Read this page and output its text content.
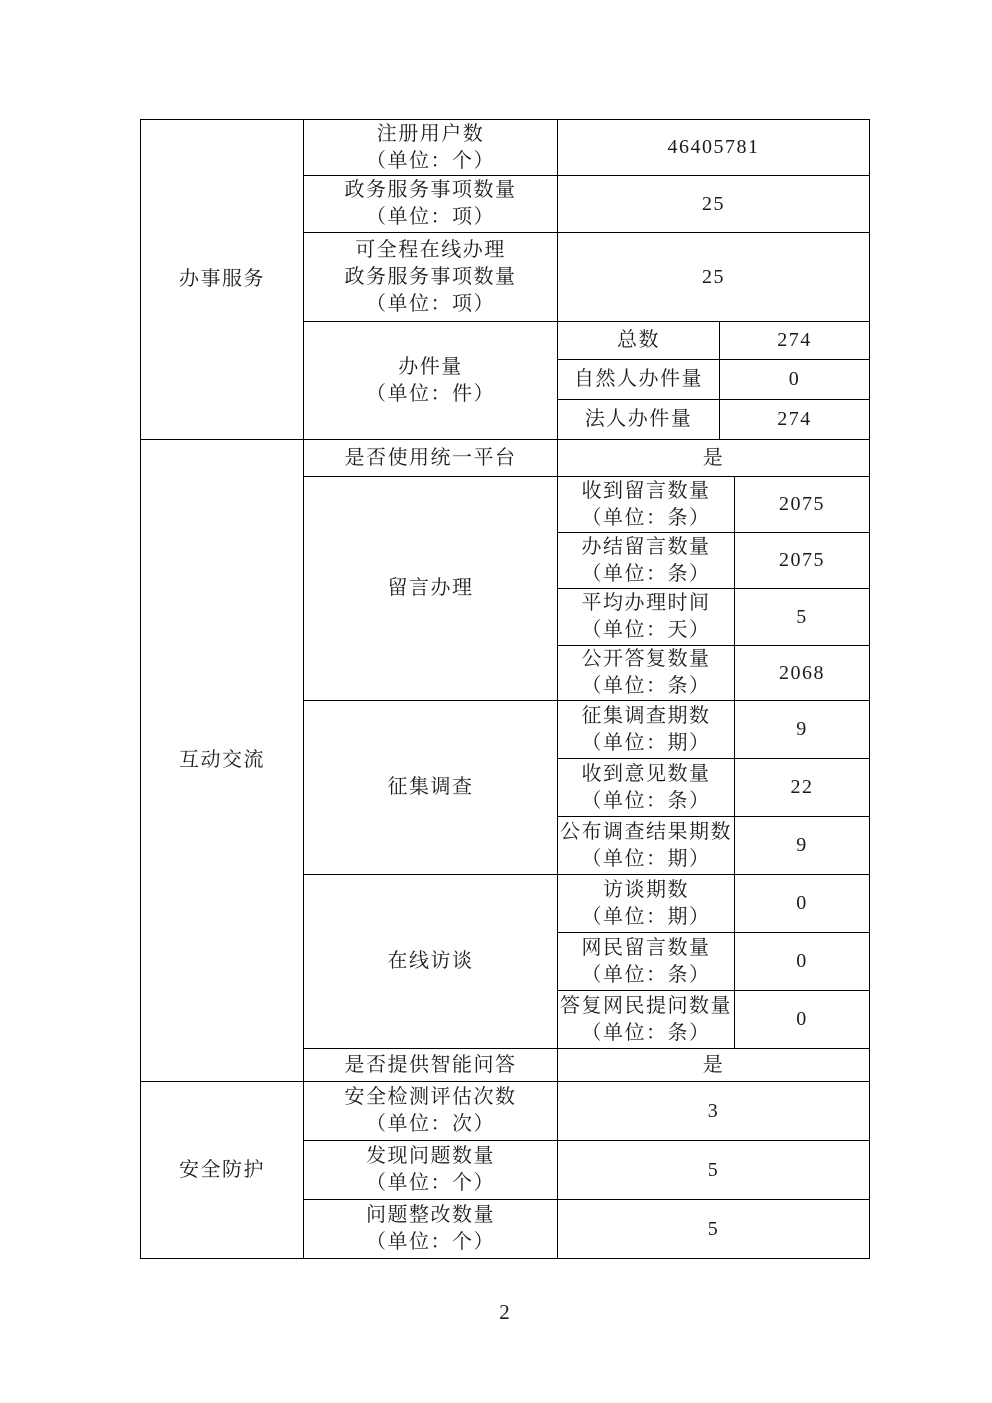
办事服务	注册用户数
（单位：个）	46405781		

	政务服务事项数量
（单位：项）	25		

	可全程在线办理
政务服务事项数量
（单位：项）	25		

	办件量
（单位：件）	总数	274	
		自然人办件量	0	
		法人办件量	274	

互动交流	是否使用统一平台	是		
	留言办理	收到留言数量
（单位：条）		2075

		办结留言数量
（单位：条）		2075

		平均办理时间
（单位：天）		5

		公开答复数量
（单位：条）		2068
	征集调查	征集调查期数
（单位：期）		9

		收到意见数量
（单位：条）		22

		公布调查结果期数
（单位：期）		9
	在线访谈	访谈期数
（单位：期）		0

		网民留言数量
（单位：条）		0

		答复网民提问数量
（单位：条）		0
	是否提供智能问答	是		

安全防护	安全检测评估次数
（单位：次）	3		

	发现问题数量
（单位：个）	5		

	问题整改数量
（单位：个）	5		
2
